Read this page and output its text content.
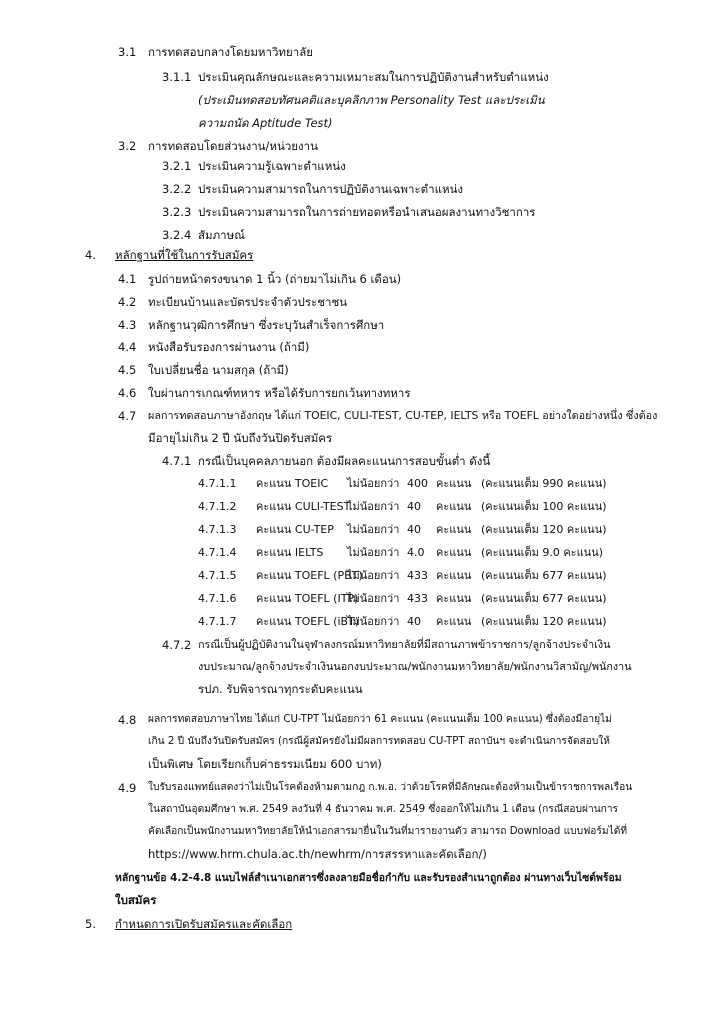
3.1 การทดสอบกลางโดยมหาวิทยาลัย
3.1.1 ประเมินคุณลักษณะและความเหมาะสมในการปฏิบัติงานสำหรับตำแหน่ง
(ประเมินทดสอบทัศนคติและบุคลิกภาพ Personality Test และประเมิน
ความถนัด Aptitude Test)
3.2 การทดสอบโดยส่วนงาน/หน่วยงาน
3.2.1 ประเมินความรู้เฉพาะตำแหน่ง
3.2.2 ประเมินความสามารถในการปฏิบัติงานเฉพาะตำแหน่ง
3.2.3 ประเมินความสามารถในการถ่ายทอดหรือนำเสนอผลงานทางวิชาการ
3.2.4 สัมภาษณ์
4. หลักฐานที่ใช้ในการรับสมัคร
4.1 รูปถ่ายหน้าตรงขนาด 1 นิ้ว (ถ่ายมาไม่เกิน 6 เดือน)
4.2 ทะเบียนบ้านและบัตรประจำตัวประชาชน
4.3 หลักฐานวุฒิการศึกษา ซึ่งระบุวันสำเร็จการศึกษา
4.4 หนังสือรับรองการผ่านงาน (ถ้ามี)
4.5 ใบเปลี่ยนชื่อ นามสกุล (ถ้ามี)
4.6 ใบผ่านการเกณฑ์ทหาร หรือได้รับการยกเว้นทางทหาร
4.7 ผลการทดสอบภาษาอังกฤษ ได้แก่ TOEIC, CULI-TEST, CU-TEP, IELTS หรือ TOEFL อย่างใดอย่างหนึ่ง ซึ่งต้อง
มีอายุไม่เกิน 2 ปี นับถึงวันปิดรับสมัคร
4.7.1 กรณีเป็นบุคคลภายนอก ต้องมีผลคะแนนการสอบขั้นต่ำ ดังนี้
4.7.1.1 คะแนน TOEIC ไม่น้อยกว่า 400 คะแนน (คะแนนเต็ม 990 คะแนน)
4.7.1.2 คะแนน CULI-TEST
ไม่น้อยกว่า 40 คะแนน (คะแนนเต็ม 100 คะแนน)
4.7.1.3 คะแนน CU-TEP ไม่น้อยกว่า 40 คะแนน (คะแนนเต็ม 120 คะแนน)
4.7.1.4 คะแนน IELTS ไม่น้อยกว่า 4.0 คะแนน (คะแนนเต็ม 9.0 คะแนน)
4.7.1.5 คะแนน TOEFL (PBT)
ไม่น้อยกว่า 433 คะแนน (คะแนนเต็ม 677 คะแนน)
4.7.1.6 คะแนน TOEFL (ITP)
ไม่น้อยกว่า 433 คะแนน (คะแนนเต็ม 677 คะแนน)
4.7.1.7 คะแนน TOEFL (iBT)
ไม่น้อยกว่า 40 คะแนน (คะแนนเต็ม 120 คะแนน)
4.7.2 กรณีเป็นผู้ปฏิบัติงานในจุฬาลงกรณ์มหาวิทยาลัยที่มีสถานภาพข้าราชการ/ลูกจ้างประจำเงิน
งบประมาณ/ลูกจ้างประจำเงินนอกงบประมาณ/พนักงานมหาวิทยาลัย/พนักงานวิสามัญ/พนักงาน
รปภ. รับพิจารณาทุกระดับคะแนน
4.8 ผลการทดสอบภาษาไทย ได้แก่ CU-TPT ไม่น้อยกว่า 61 คะแนน (คะแนนเต็ม 100 คะแนน) ซึ่งต้องมีอายุไม่
เกิน 2 ปี นับถึงวันปิดรับสมัคร (กรณีผู้สมัครยังไม่มีผลการทดสอบ CU-TPT สถาบันฯ จะดำเนินการจัดสอบให้
เป็นพิเศษ โดยเรียกเก็บค่าธรรมเนียม 600 บาท)
4.9 ใบรับรองแพทย์แสดงว่าไม่เป็นโรคต้องห้ามตามกฎ ก.พ.อ. ว่าด้วยโรคที่มีลักษณะต้องห้ามเป็นข้าราชการพลเรือน
ในสถาบันอุดมศึกษา พ.ศ. 2549 ลงวันที่ 4 ธันวาคม พ.ศ. 2549 ซึ่งออกให้ไม่เกิน 1 เดือน (กรณีสอบผ่านการ
คัดเลือกเป็นพนักงานมหาวิทยาลัยให้นำเอกสารมายื่นในวันที่มารายงานตัว สามารถ Download แบบฟอร์มได้ที่
https://www.hrm.chula.ac.th/newhrm/การสรรหาและคัดเลือก/)
หลักฐานข้อ 4.2-4.8 แนบไฟล์สำเนาเอกสารซึ่งลงลายมือชื่อกำกับ และรับรองสำเนาถูกต้อง ผ่านทางเว็บไซต์พร้อม
ใบสมัคร
5. กำหนดการเปิดรับสมัครและคัดเลือก
